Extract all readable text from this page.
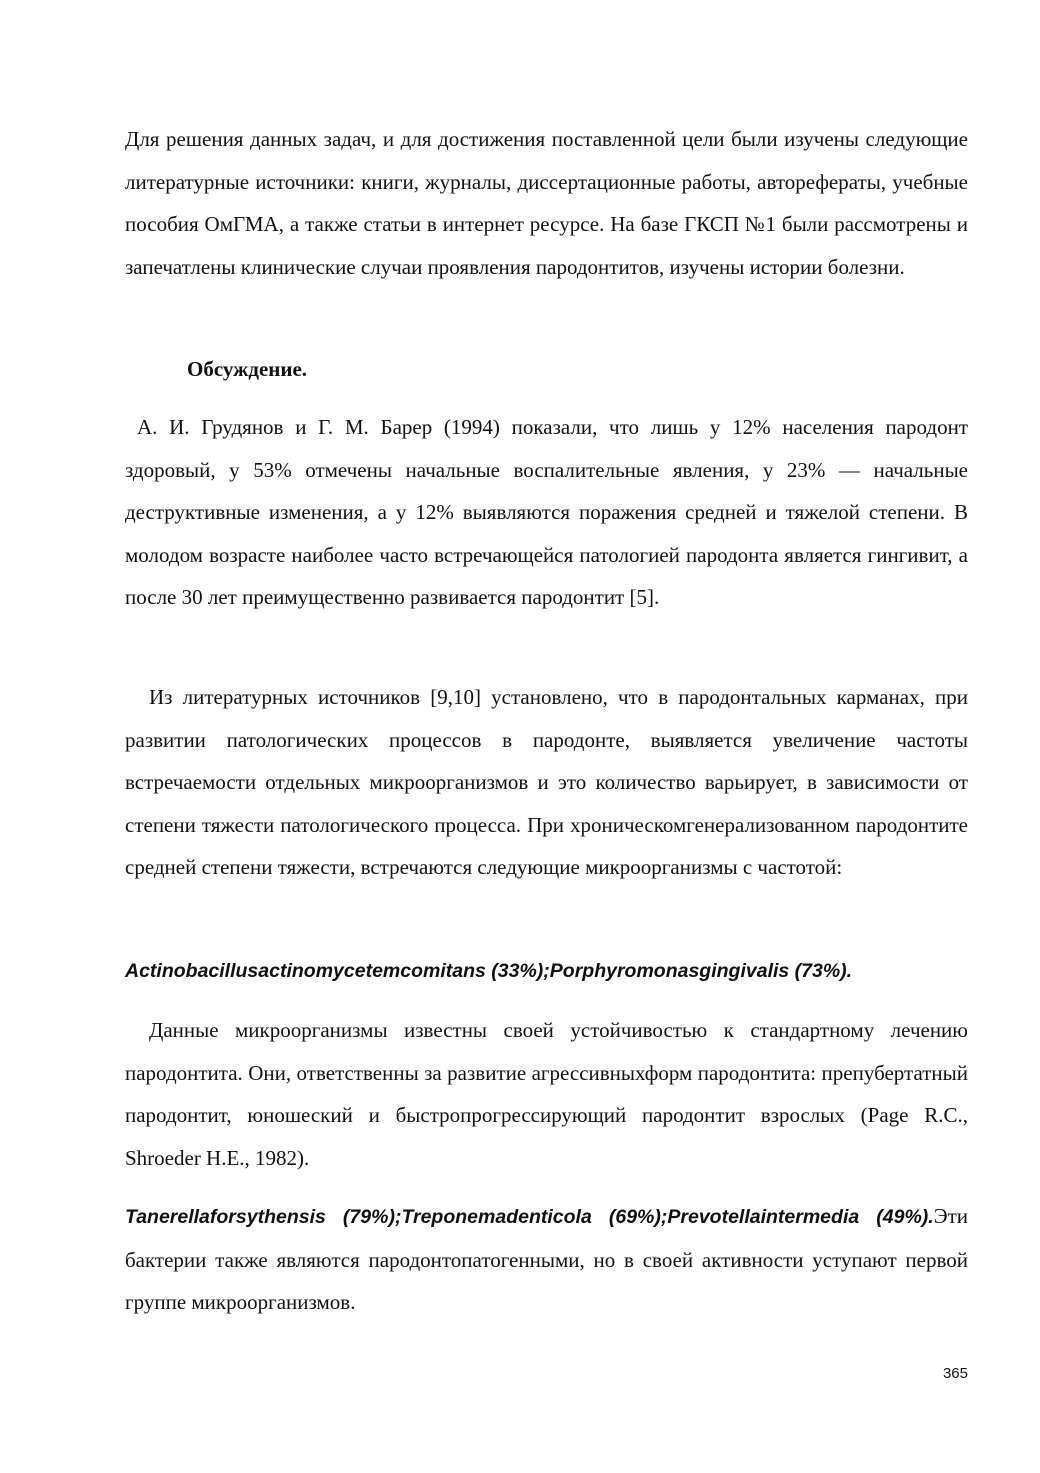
Для решения данных задач, и для достижения поставленной цели были изучены следующие литературные источники: книги, журналы, диссертационные работы, авторефераты, учебные пособия ОмГМА, а также статьи в интернет ресурсе. На базе ГКСП №1 были рассмотрены и запечатлены клинические случаи проявления пародонтитов, изучены истории болезни.

Обсуждение.

А. И. Грудянов и Г. М. Барер (1994) показали, что лишь у 12% населения пародонт здоровый, у 53% отмечены начальные воспалительные явления, у 23% — начальные деструктивные изменения, а у 12% выявляются поражения средней и тяжелой степени. В молодом возрасте наиболее часто встречающейся патологией пародонта является гингивит, а после 30 лет преимущественно развивается пародонтит [5].

Из литературных источников [9,10] установлено, что в пародонтальных карманах, при развитии патологических процессов в пародонте, выявляется увеличение частоты встречаемости отдельных микроорганизмов и это количество варьирует, в зависимости от степени тяжести патологического процесса. При хроническомгенерализованном пародонтите средней степени тяжести, встречаются следующие микроорганизмы с частотой:

Actinobacillusactinomycetemcomitans (33%);Porphyromonasgingivalis (73%).

Данные микроорганизмы известны своей устойчивостью к стандартному лечению пародонтита. Они, ответственны за развитие агрессивныхформ пародонтита: препубертатный пародонтит, юношеский и быстропрогрессирующий пародонтит взрослых (Page R.C., Shroeder H.E., 1982).

Tanerellaforsythensis (79%);Treponemadenticola (69%);Prevotellaintermedia (49%).Эти бактерии также являются пародонтопатогенными, но в своей активности уступают первой группе микроорганизмов.

365
